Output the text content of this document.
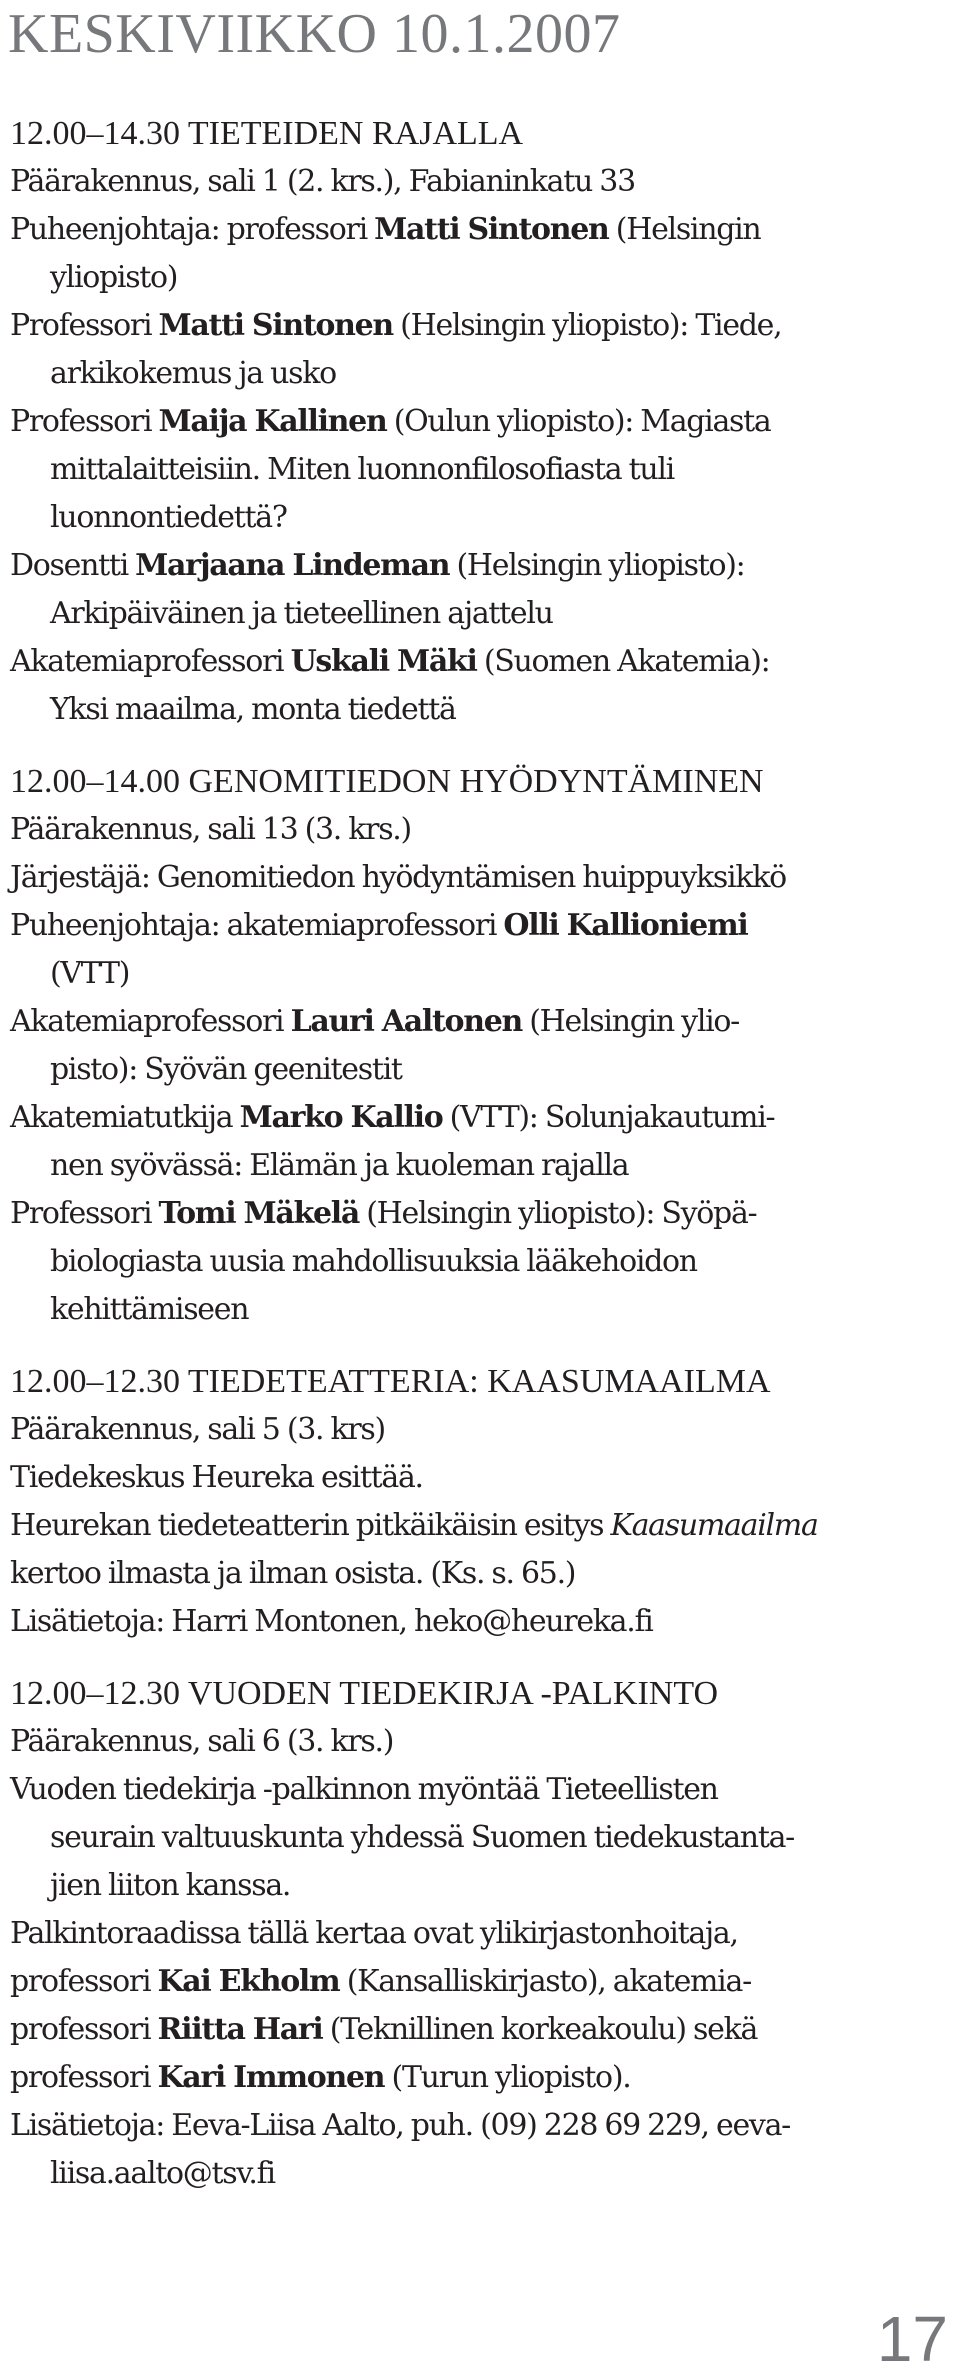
KESKIVIIKKO 10.1.2007
12.00–14.30 TIETEIDEN RAJALLA
Päärakennus, sali 1 (2. krs.), Fabianinkatu 33
Puheenjohtaja: professori Matti Sintonen (Helsingin
yliopisto)
Professori Matti Sintonen (Helsingin yliopisto): Tiede,
arkikokemus ja usko
Professori Maija Kallinen (Oulun yliopisto): Magiasta
mittalaitteisiin. Miten luonnonfilosofiasta tuli
luonnontiedettä?
Dosentti Marjaana Lindeman (Helsingin yliopisto):
Arkipäiväinen ja tieteellinen ajattelu
Akatemiaprofessori Uskali Mäki (Suomen Akatemia):
Yksi maailma, monta tiedettä
12.00–14.00 GENOMITIEDON HYÖDYNTÄMINEN
Päärakennus, sali 13 (3. krs.)
Järjestäjä: Genomitiedon hyödyntämisen huippuyksikkö
Puheenjohtaja: akatemiaprofessori Olli Kallioniemi
(VTT)
Akatemiaprofessori Lauri Aaltonen (Helsingin ylio-
pisto): Syövän geenitestit
Akatemiatutkija Marko Kallio (VTT): Solunjakautumi-
nen syövässä: Elämän ja kuoleman rajalla
Professori Tomi Mäkelä (Helsingin yliopisto): Syöpä-
biologiasta uusia mahdollisuuksia lääkehoidon
kehittämiseen
12.00–12.30 TIEDETEATTERIA: KAASUMAAILMA
Päärakennus, sali 5 (3. krs)
Tiedekeskus Heureka esittää.
Heurekan tiedeteatterin pitkäikäisin esitys Kaasumaailma
kertoo ilmasta ja ilman osista. (Ks. s. 65.)
Lisätietoja: Harri Montonen, heko@heureka.fi
12.00–12.30 VUODEN TIEDEKIRJA -PALKINTO
Päärakennus, sali 6 (3. krs.)
Vuoden tiedekirja -palkinnon myöntää Tieteellisten
seurain valtuuskunta yhdessä Suomen tiedekustanta-
jien liiton kanssa.
Palkintoraadissa tällä kertaa ovat ylikirjastonhoitaja,
professori Kai Ekholm (Kansalliskirjasto), akatemia-
professori Riitta Hari (Teknillinen korkeakoulu) sekä
professori Kari Immonen (Turun yliopisto).
Lisätietoja: Eeva-Liisa Aalto, puh. (09) 228 69 229, eeva-
liisa.aalto@tsv.fi
17
